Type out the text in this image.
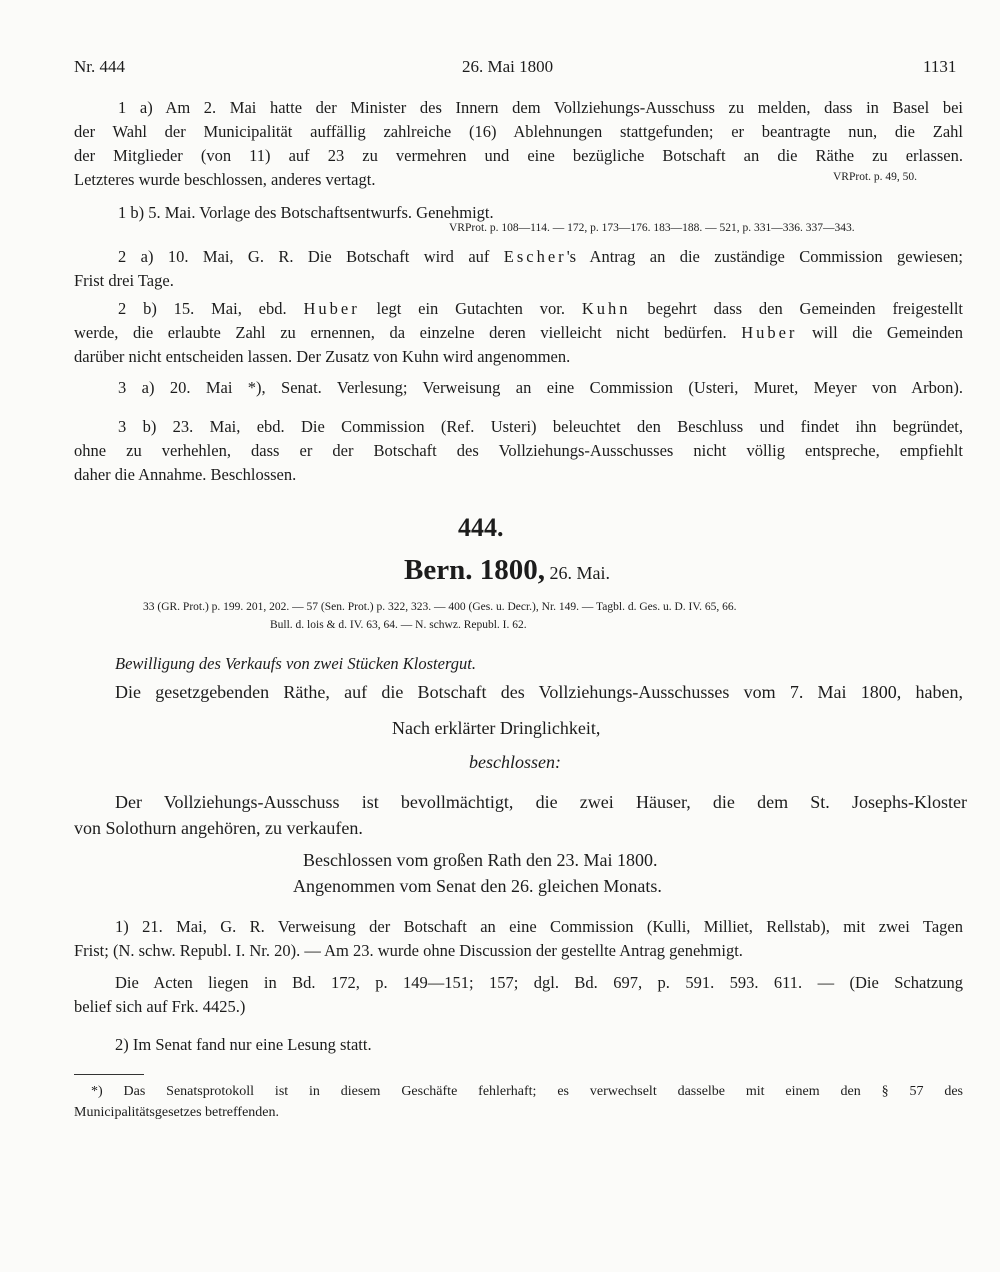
Nr. 444	26. Mai 1800	1131
1 a) Am 2. Mai hatte der Minister des Innern dem Vollziehungs-Ausschuss zu melden, dass in Basel bei
der Wahl der Municipalität auffällig zahlreiche (16) Ablehnungen stattgefunden; er beantragte nun, die Zahl
der Mitglieder (von 11) auf 23 zu vermehren und eine bezügliche Botschaft an die Räthe zu erlassen.
Letzteres wurde beschlossen, anderes vertagt.	VRProt. p. 49, 50.
1 b) 5. Mai. Vorlage des Botschaftsentwurfs. Genehmigt.
VRProt. p. 108—114. — 172, p. 173—176. 183—188. — 521, p. 331—336. 337—343.
2 a) 10. Mai, G. R. Die Botschaft wird auf Escher's Antrag an die zuständige Commission gewiesen;
Frist drei Tage.
2 b) 15. Mai, ebd. Huber legt ein Gutachten vor. Kuhn begehrt dass den Gemeinden freigestellt
werde, die erlaubte Zahl zu ernennen, da einzelne deren vielleicht nicht bedürfen. Huber will die Gemeinden
darüber nicht entscheiden lassen. Der Zusatz von Kuhn wird angenommen.
3 a) 20. Mai *), Senat. Verlesung; Verweisung an eine Commission (Usteri, Muret, Meyer von Arbon).
3 b) 23. Mai, ebd. Die Commission (Ref. Usteri) beleuchtet den Beschluss und findet ihn begründet,
ohne zu verhehlen, dass er der Botschaft des Vollziehungs-Ausschusses nicht völlig entspreche, empfiehlt
daher die Annahme. Beschlossen.
444.
Bern. 1800, 26. Mai.
33 (GR. Prot.) p. 199. 201, 202. — 57 (Sen. Prot.) p. 322, 323. — 400 (Ges. u. Decr.), Nr. 149. — Tagbl. d. Ges. u. D. IV. 65, 66.
Bull. d. lois & d. IV. 63, 64. — N. schwz. Republ. I. 62.
Bewilligung des Verkaufs von zwei Stücken Klostergut.
Die gesetzgebenden Räthe, auf die Botschaft des Vollziehungs-Ausschusses vom 7. Mai 1800, haben,
Nach erklärter Dringlichkeit,
beschlossen:
Der Vollziehungs-Ausschuss ist bevollmächtigt, die zwei Häuser, die dem St. Josephs-Kloster
von Solothurn angehören, zu verkaufen.
Beschlossen vom großen Rath den 23. Mai 1800.
Angenommen vom Senat den 26. gleichen Monats.
1) 21. Mai, G. R. Verweisung der Botschaft an eine Commission (Kulli, Milliet, Rellstab), mit zwei Tagen
Frist; (N. schw. Republ. I. Nr. 20). — Am 23. wurde ohne Discussion der gestellte Antrag genehmigt.
Die Acten liegen in Bd. 172, p. 149—151; 157; dgl. Bd. 697, p. 591. 593. 611. — (Die Schatzung
belief sich auf Frk. 4425.)
2) Im Senat fand nur eine Lesung statt.
*) Das Senatsprotokoll ist in diesem Geschäfte fehlerhaft; es verwechselt dasselbe mit einem den § 57 des
Municipalitätsgesetzes betreffenden.
